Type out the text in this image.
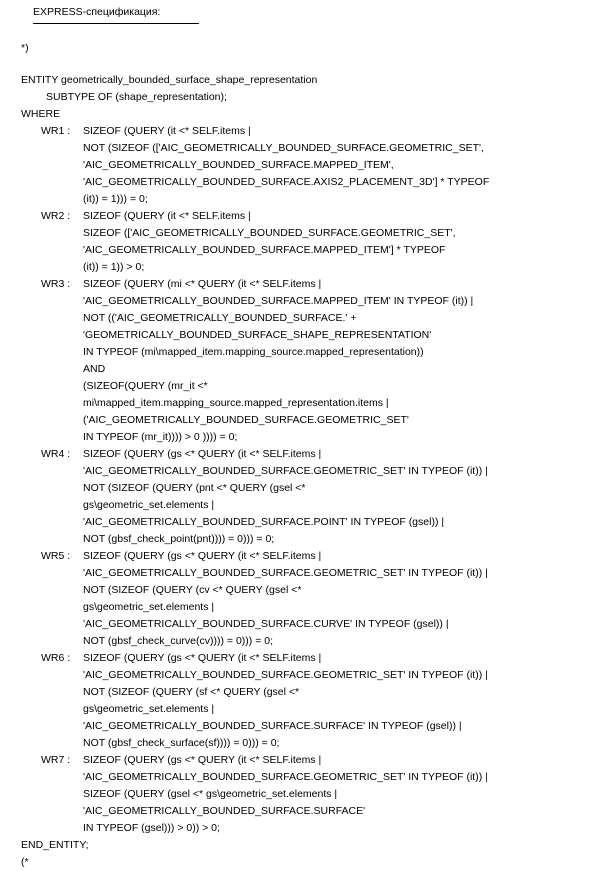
EXPRESS-спецификация:
*)
ENTITY geometrically_bounded_surface_shape_representation
SUBTYPE OF (shape_representation);
WHERE
WR1 : SIZEOF (QUERY (it <* SELF.items |
NOT (SIZEOF (['AIC_GEOMETRICALLY_BOUNDED_SURFACE.GEOMETRIC_SET',
'AIC_GEOMETRICALLY_BOUNDED_SURFACE.MAPPED_ITEM',
'AIC_GEOMETRICALLY_BOUNDED_SURFACE.AXIS2_PLACEMENT_3D'] * TYPEOF
(it)) = 1))) = 0;
WR2 : SIZEOF (QUERY (it <* SELF.items |
SIZEOF (['AIC_GEOMETRICALLY_BOUNDED_SURFACE.GEOMETRIC_SET',
'AIC_GEOMETRICALLY_BOUNDED_SURFACE.MAPPED_ITEM'] * TYPEOF
(it)) = 1)) > 0;
WR3 : SIZEOF (QUERY (mi <* QUERY (it <* SELF.items |
'AIC_GEOMETRICALLY_BOUNDED_SURFACE.MAPPED_ITEM' IN TYPEOF (it)) |
NOT (('AIC_GEOMETRICALLY_BOUNDED_SURFACE.' +
'GEOMETRICALLY_BOUNDED_SURFACE_SHAPE_REPRESENTATION'
IN TYPEOF (mi\mapped_item.mapping_source.mapped_representation))
AND
(SIZEOF(QUERY (mr_it <*
mi\mapped_item.mapping_source.mapped_representation.items |
('AIC_GEOMETRICALLY_BOUNDED_SURFACE.GEOMETRIC_SET'
IN TYPEOF (mr_it)))) > 0 )))) = 0;
WR4 : SIZEOF (QUERY (gs <* QUERY (it <* SELF.items |
'AIC_GEOMETRICALLY_BOUNDED_SURFACE.GEOMETRIC_SET' IN TYPEOF (it)) |
NOT (SIZEOF (QUERY (pnt <* QUERY (gsel <*
gs\geometric_set.elements |
'AIC_GEOMETRICALLY_BOUNDED_SURFACE.POINT' IN TYPEOF (gsel)) |
NOT (gbsf_check_point(pnt)))) = 0))) = 0;
WR5 : SIZEOF (QUERY (gs <* QUERY (it <* SELF.items |
'AIC_GEOMETRICALLY_BOUNDED_SURFACE.GEOMETRIC_SET' IN TYPEOF (it)) |
NOT (SIZEOF (QUERY (cv <* QUERY (gsel <*
gs\geometric_set.elements |
'AIC_GEOMETRICALLY_BOUNDED_SURFACE.CURVE' IN TYPEOF (gsel)) |
NOT (gbsf_check_curve(cv)))) = 0))) = 0;
WR6 : SIZEOF (QUERY (gs <* QUERY (it <* SELF.items |
'AIC_GEOMETRICALLY_BOUNDED_SURFACE.GEOMETRIC_SET' IN TYPEOF (it)) |
NOT (SIZEOF (QUERY (sf <* QUERY (gsel <*
gs\geometric_set.elements |
'AIC_GEOMETRICALLY_BOUNDED_SURFACE.SURFACE' IN TYPEOF (gsel)) |
NOT (gbsf_check_surface(sf)))) = 0))) = 0;
WR7 : SIZEOF (QUERY (gs <* QUERY (it <* SELF.items |
'AIC_GEOMETRICALLY_BOUNDED_SURFACE.GEOMETRIC_SET' IN TYPEOF (it)) |
SIZEOF (QUERY (gsel <* gs\geometric_set.elements |
'AIC_GEOMETRICALLY_BOUNDED_SURFACE.SURFACE'
IN TYPEOF (gsel))) > 0)) > 0;
END_ENTITY;
(*
